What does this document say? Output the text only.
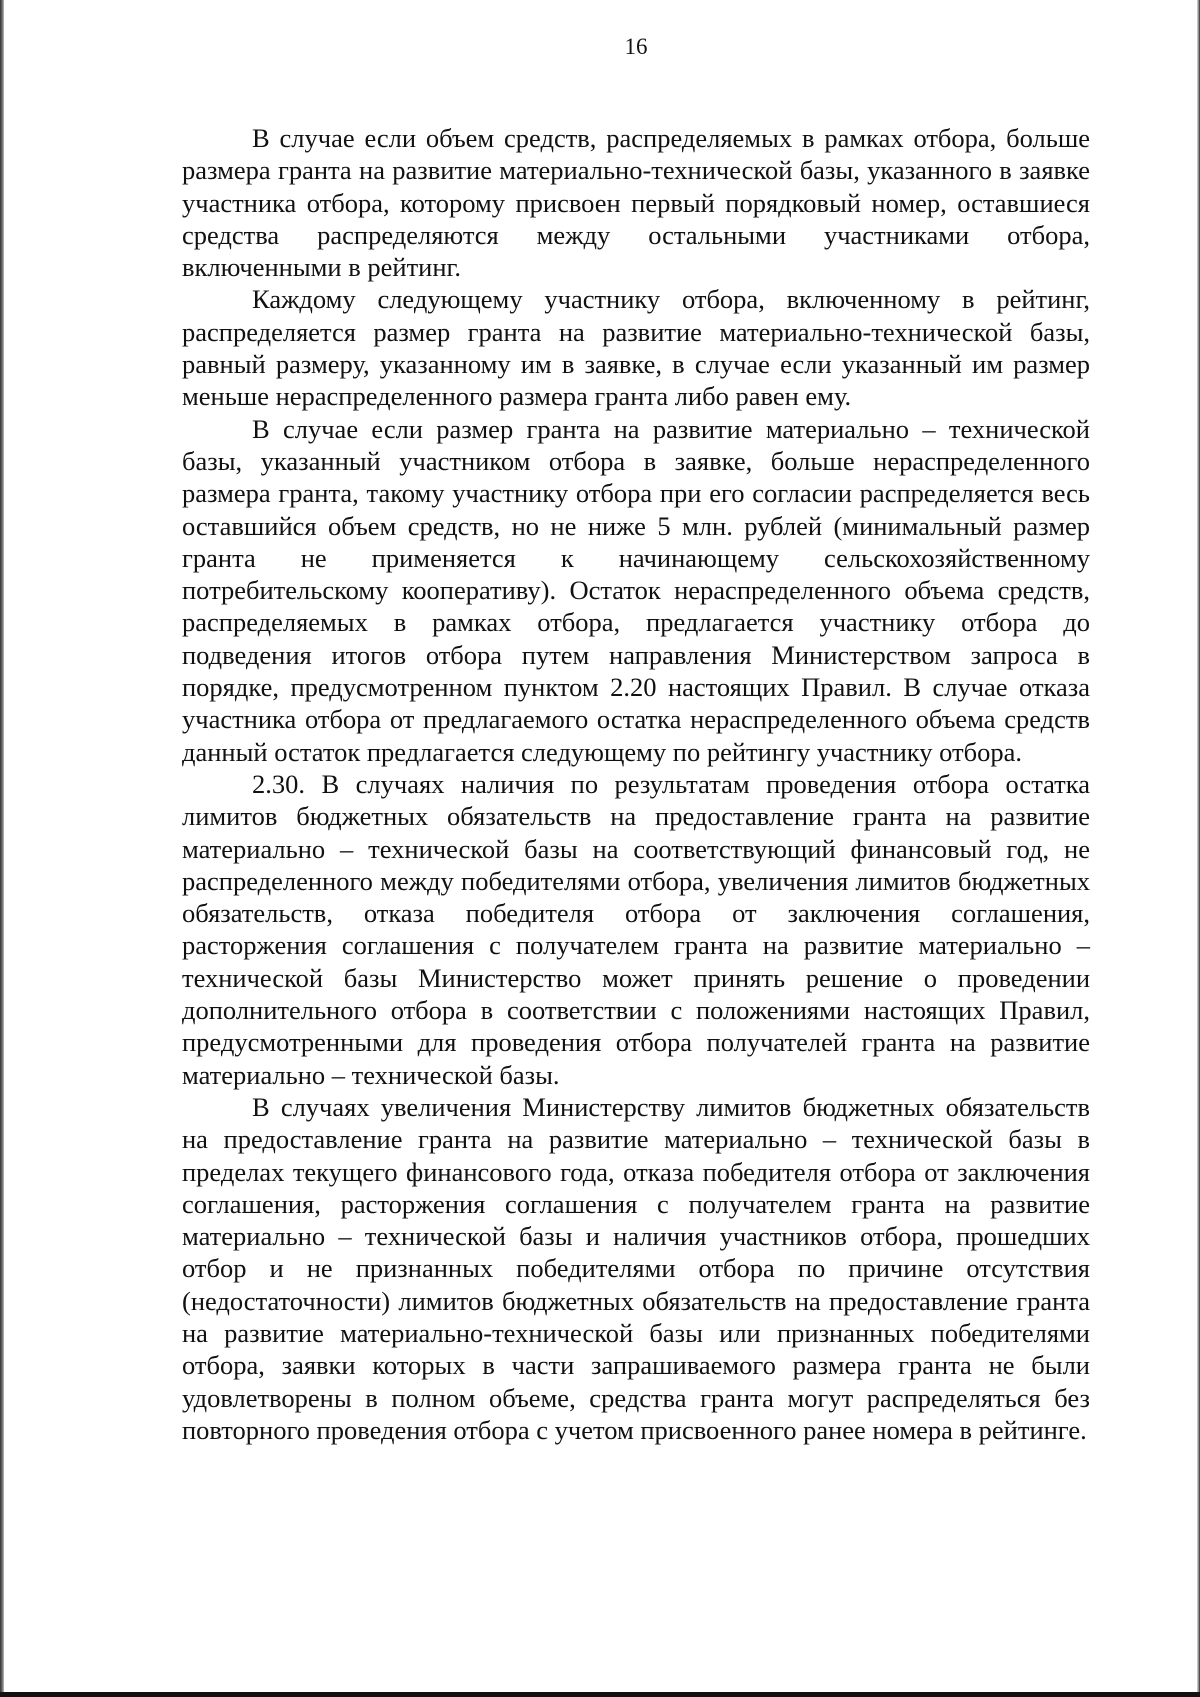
16

В случае если объем средств, распределяемых в рамках отбора, больше размера гранта на развитие материально-технической базы, указанного в заявке участника отбора, которому присвоен первый порядковый номер, оставшиеся средства распределяются между остальными участниками отбора, включенными в рейтинг.

Каждому следующему участнику отбора, включенному в рейтинг, распределяется размер гранта на развитие материально-технической базы, равный размеру, указанному им в заявке, в случае если указанный им размер меньше нераспределенного размера гранта либо равен ему.

В случае если размер гранта на развитие материально – технической базы, указанный участником отбора в заявке, больше нераспределенного размера гранта, такому участнику отбора при его согласии распределяется весь оставшийся объем средств, но не ниже 5 млн. рублей (минимальный размер гранта не применяется к начинающему сельскохозяйственному потребительскому кооперативу). Остаток нераспределенного объема средств, распределяемых в рамках отбора, предлагается участнику отбора до подведения итогов отбора путем направления Министерством запроса в порядке, предусмотренном пунктом 2.20 настоящих Правил. В случае отказа участника отбора от предлагаемого остатка нераспределенного объема средств данный остаток предлагается следующему по рейтингу участнику отбора.

2.30. В случаях наличия по результатам проведения отбора остатка лимитов бюджетных обязательств на предоставление гранта на развитие материально – технической базы на соответствующий финансовый год, не распределенного между победителями отбора, увеличения лимитов бюджетных обязательств, отказа победителя отбора от заключения соглашения, расторжения соглашения с получателем гранта на развитие материально – технической базы Министерство может принять решение о проведении дополнительного отбора в соответствии с положениями настоящих Правил, предусмотренными для проведения отбора получателей гранта на развитие материально – технической базы.

В случаях увеличения Министерству лимитов бюджетных обязательств на предоставление гранта на развитие материально – технической базы в пределах текущего финансового года, отказа победителя отбора от заключения соглашения, расторжения соглашения с получателем гранта на развитие материально – технической базы и наличия участников отбора, прошедших отбор и не признанных победителями отбора по причине отсутствия (недостаточности) лимитов бюджетных обязательств на предоставление гранта на развитие материально-технической базы или признанных победителями отбора, заявки которых в части запрашиваемого размера гранта не были удовлетворены в полном объеме, средства гранта могут распределяться без повторного проведения отбора с учетом присвоенного ранее номера в рейтинге.
